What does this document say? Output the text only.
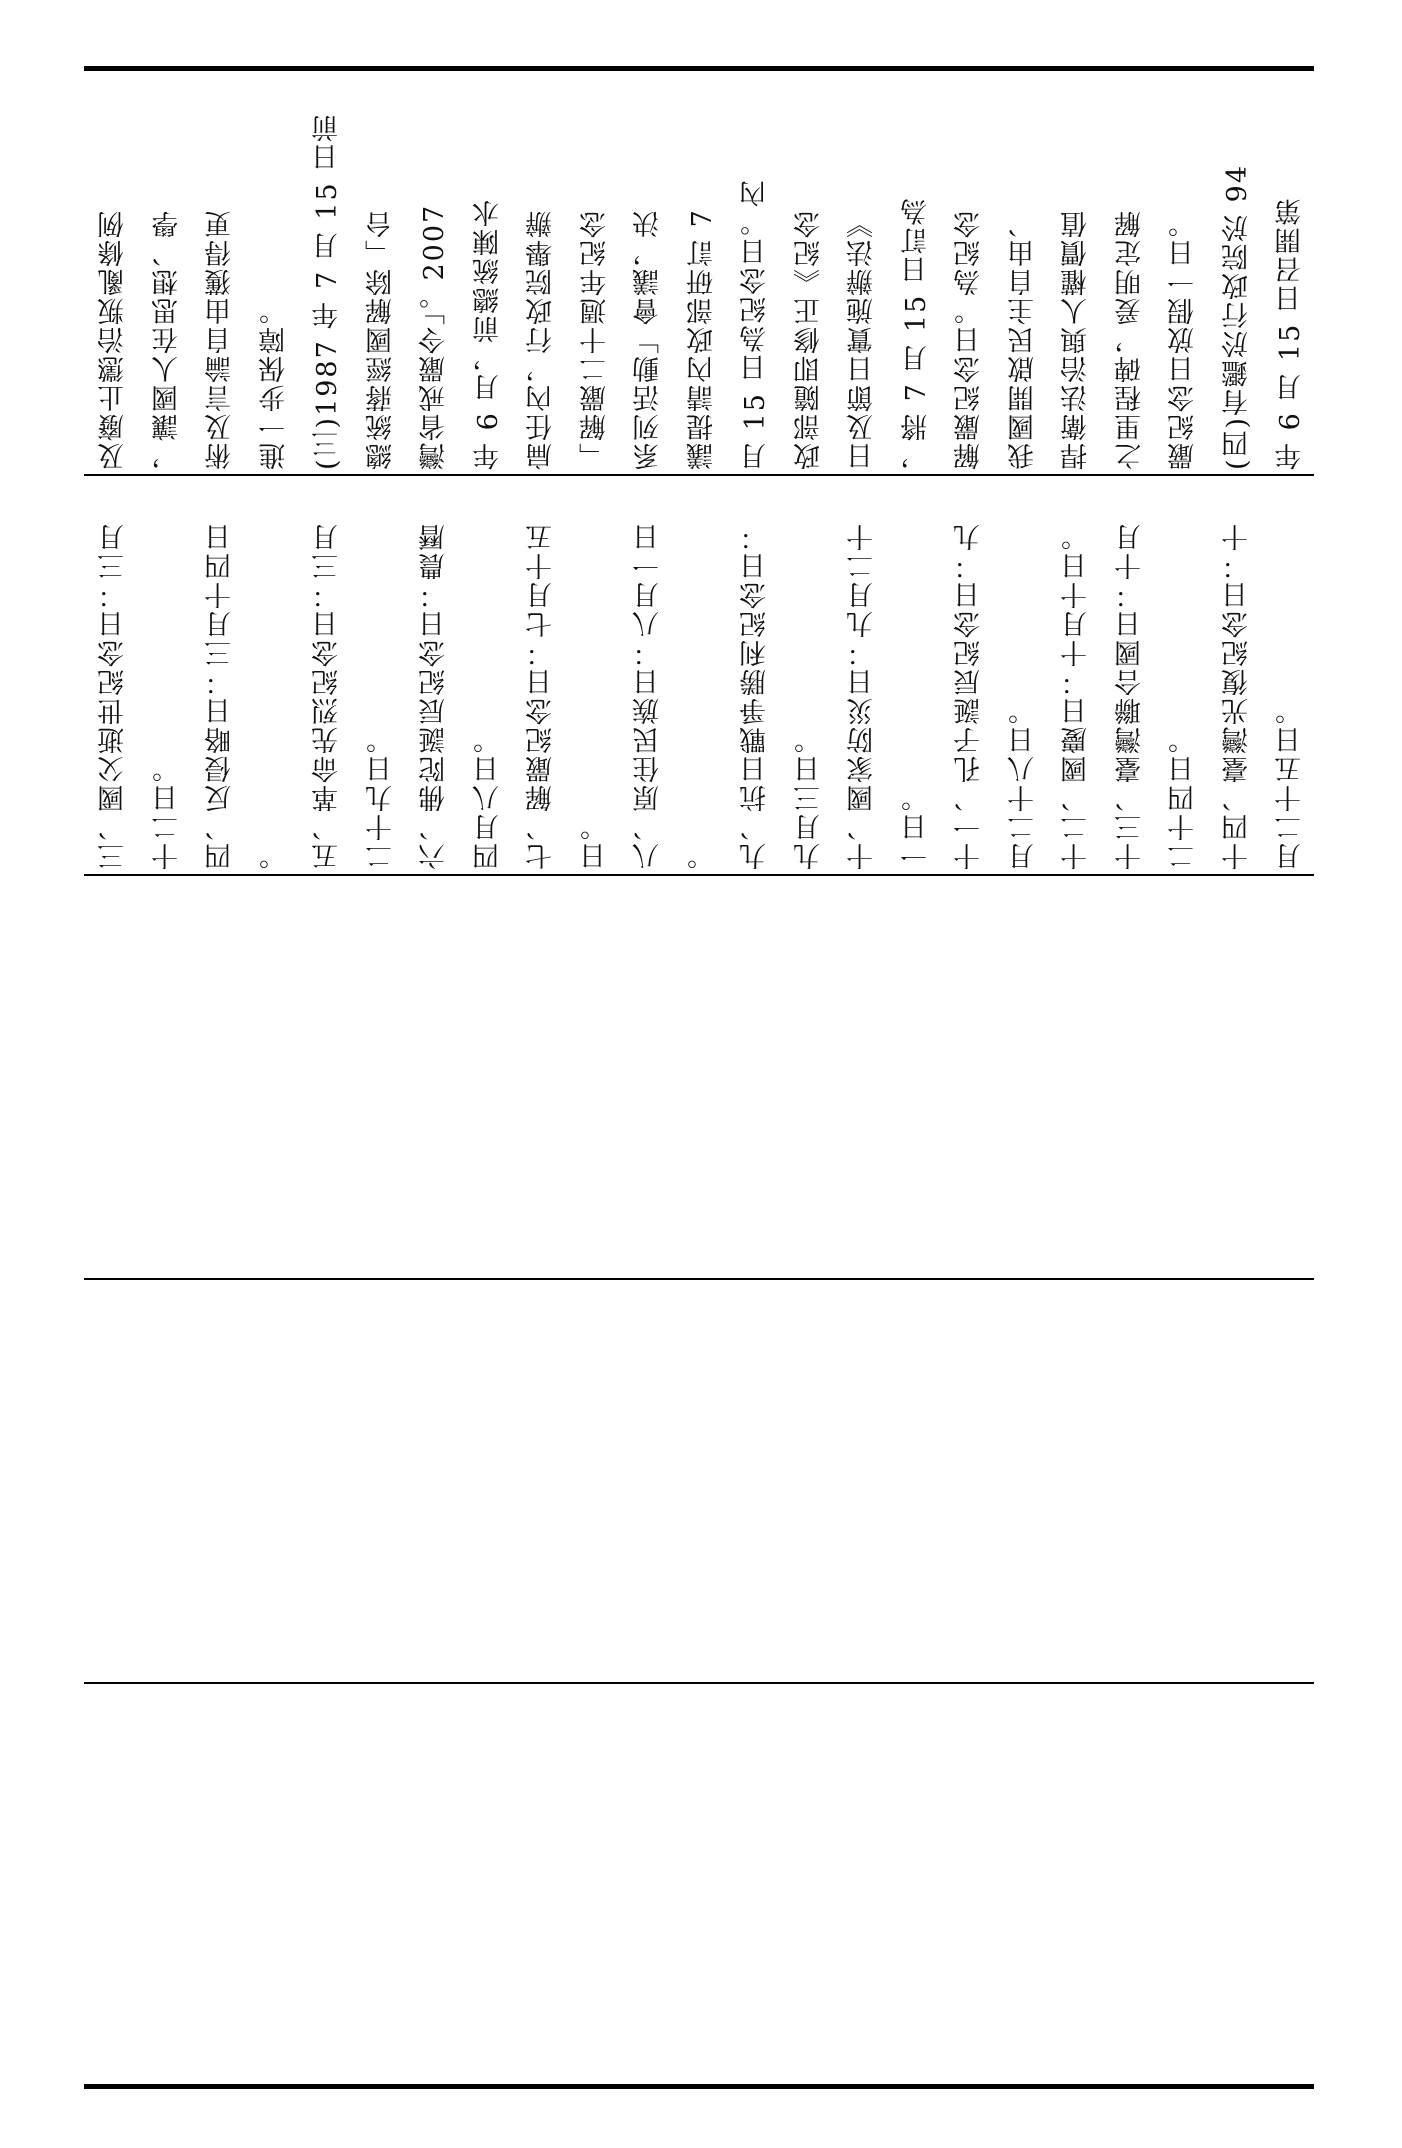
及廢止懲治叛亂條例 ，讓國人在思想、學 術及言論自由獲得更 進一步保障。 (三)1987 年 7 月 15 日前 總統蔣經國解除「台 灣省戒嚴令」。2007 年 6 月，前總統陳水 扁任內，行政院舉辦 「解嚴二十週年紀念 系列活動」會議，決 議提請內政部研訂 7 月 15 日為紀念日。內 政部隨即修正《紀念 日及節日實施辦法》 ，將 7 月 15 日訂為 解嚴紀念日。為紀念 我國開啟民主自由、 捍衛法治與人權價值 之里程碑，爰明定解 嚴紀念日放假一日。 (四)有鑑於行政院於 94 年 6 月 15 日召開第
三、國父逝世紀念日：三月 十二日。 四、反侵略日：三月十四日 。 五、革命先烈紀念日：三月 二十九日。 六、佛陀誕辰紀念日：農曆 四月八日。 七、解嚴紀念日：七月十五 日。 八、原住民族日：八月一日 。 九、抗日戰爭勝利紀念日： 九月三日。 十、國家防災日：九月二十 一日。 十一、孔子誕辰紀念日：九 月二十八日。 十二、國慶日：十月十日。 十三、臺灣聯合國日：十月 二十四日。 十四、臺灣光復紀念日：十 月二十五日。
